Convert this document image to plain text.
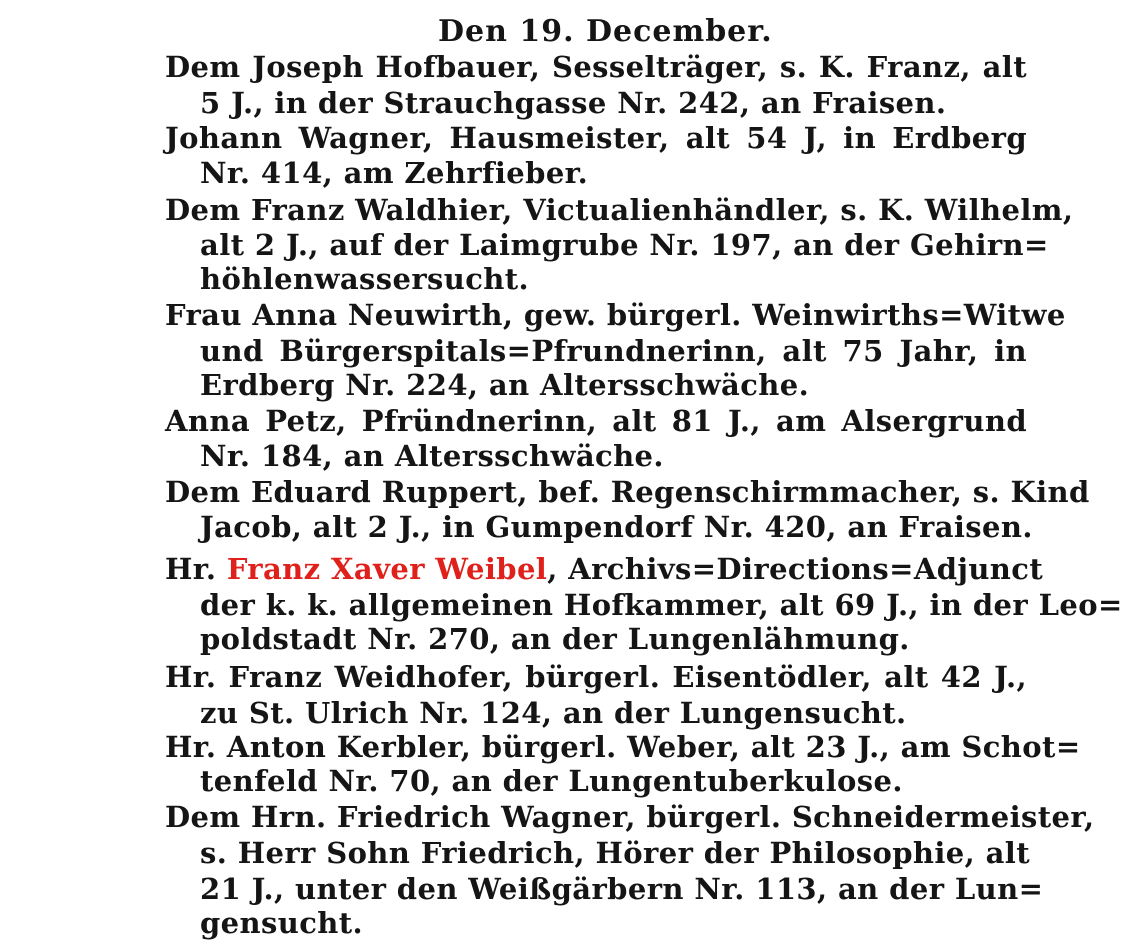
Den 19. December.
Dem Joseph Hofbauer, Sesselträger, s. K. Franz, alt
5 J., in der Strauchgasse Nr. 242, an Fraisen.
Johann Wagner, Hausmeister, alt 54 J, in Erdberg
Nr. 414, am Zehrfieber.
Dem Franz Waldhier, Victualienhändler, s. K. Wilhelm,
alt 2 J., auf der Laimgrube Nr. 197, an der Gehirn=
höhlenwassersucht.
Frau Anna Neuwirth, gew. bürgerl. Weinwirths=Witwe
und Bürgerspitals=Pfrundnerinn, alt 75 Jahr, in
Erdberg Nr. 224, an Altersschwäche.
Anna Petz, Pfründnerinn, alt 81 J., am Alsergrund
Nr. 184, an Altersschwäche.
Dem Eduard Ruppert, bef. Regenschirmmacher, s. Kind
Jacob, alt 2 J., in Gumpendorf Nr. 420, an Fraisen.
Hr. Franz Xaver Weibel, Archivs=Directions=Adjunct
der k. k. allgemeinen Hofkammer, alt 69 J., in der Leo=
poldstadt Nr. 270, an der Lungenlähmung.
Hr. Franz Weidhofer, bürgerl. Eisentödler, alt 42 J.,
zu St. Ulrich Nr. 124, an der Lungensucht.
Hr. Anton Kerbler, bürgerl. Weber, alt 23 J., am Schot=
tenfeld Nr. 70, an der Lungentuberkulose.
Dem Hrn. Friedrich Wagner, bürgerl. Schneidermeister,
s. Herr Sohn Friedrich, Hörer der Philosophie, alt
21 J., unter den Weißgärbern Nr. 113, an der Lun=
gensucht.
